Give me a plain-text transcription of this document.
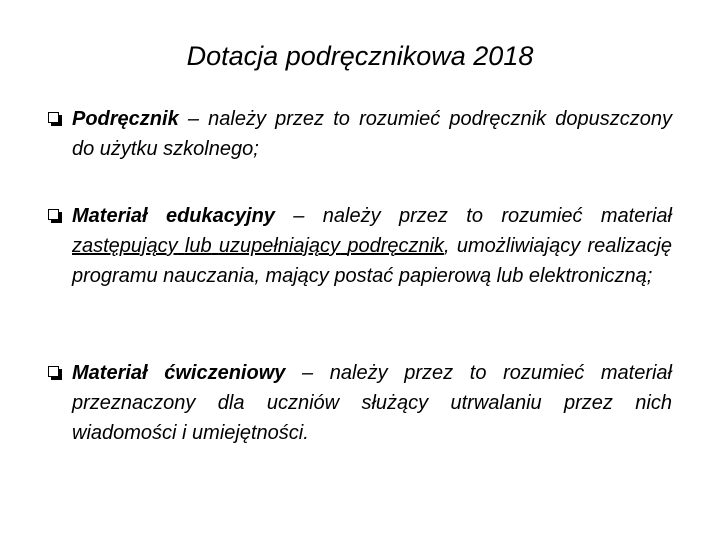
Dotacja podręcznikowa 2018
Podręcznik – należy przez to rozumieć podręcznik dopuszczony do użytku szkolnego;
Materiał edukacyjny – należy przez to rozumieć materiał zastępujący lub uzupełniający podręcznik, umożliwiający realizację programu nauczania, mający postać papierową lub elektroniczną;
Materiał ćwiczeniowy – należy przez to rozumieć materiał przeznaczony dla uczniów służący utrwalaniu przez nich wiadomości i umiejętności.
